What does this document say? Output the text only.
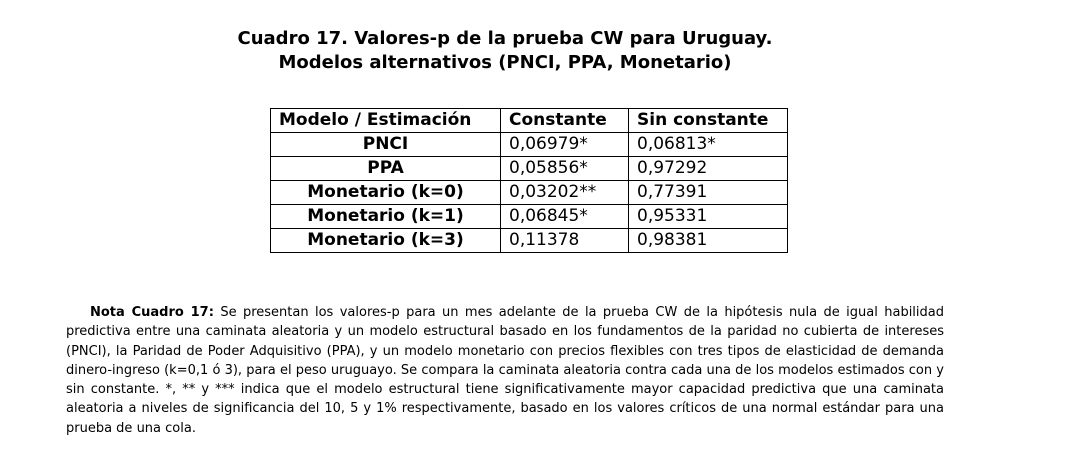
Cuadro 17. Valores-p de la prueba CW para Uruguay.
Modelos alternativos (PNCI, PPA, Monetario)
Modelo / Estimación	Constante	Sin constante
PNCI	0,06979*	0,06813*
PPA	0,05856*	0,97292
Monetario (k=0)	0,03202**	0,77391
Monetario (k=1)	0,06845*	0,95331
Monetario (k=3)	0,11378	0,98381

Nota Cuadro 17: Se presentan los valores-p para un mes adelante de la prueba CW de la hipótesis nula de igual habilidad predictiva entre una caminata aleatoria y un modelo estructural basado en los fundamentos de la paridad no cubierta de intereses (PNCI), la Paridad de Poder Adquisitivo (PPA), y un modelo monetario con precios flexibles con tres tipos de elasticidad de demanda dinero-ingreso (k=0,1 ó 3), para el peso uruguayo. Se compara la caminata aleatoria contra cada una de los modelos estimados con y sin constante. *, ** y *** indica que el modelo estructural tiene significativamente mayor capacidad predictiva que una caminata aleatoria a niveles de significancia del 10, 5 y 1% respectivamente, basado en los valores críticos de una normal estándar para una prueba de una cola.
